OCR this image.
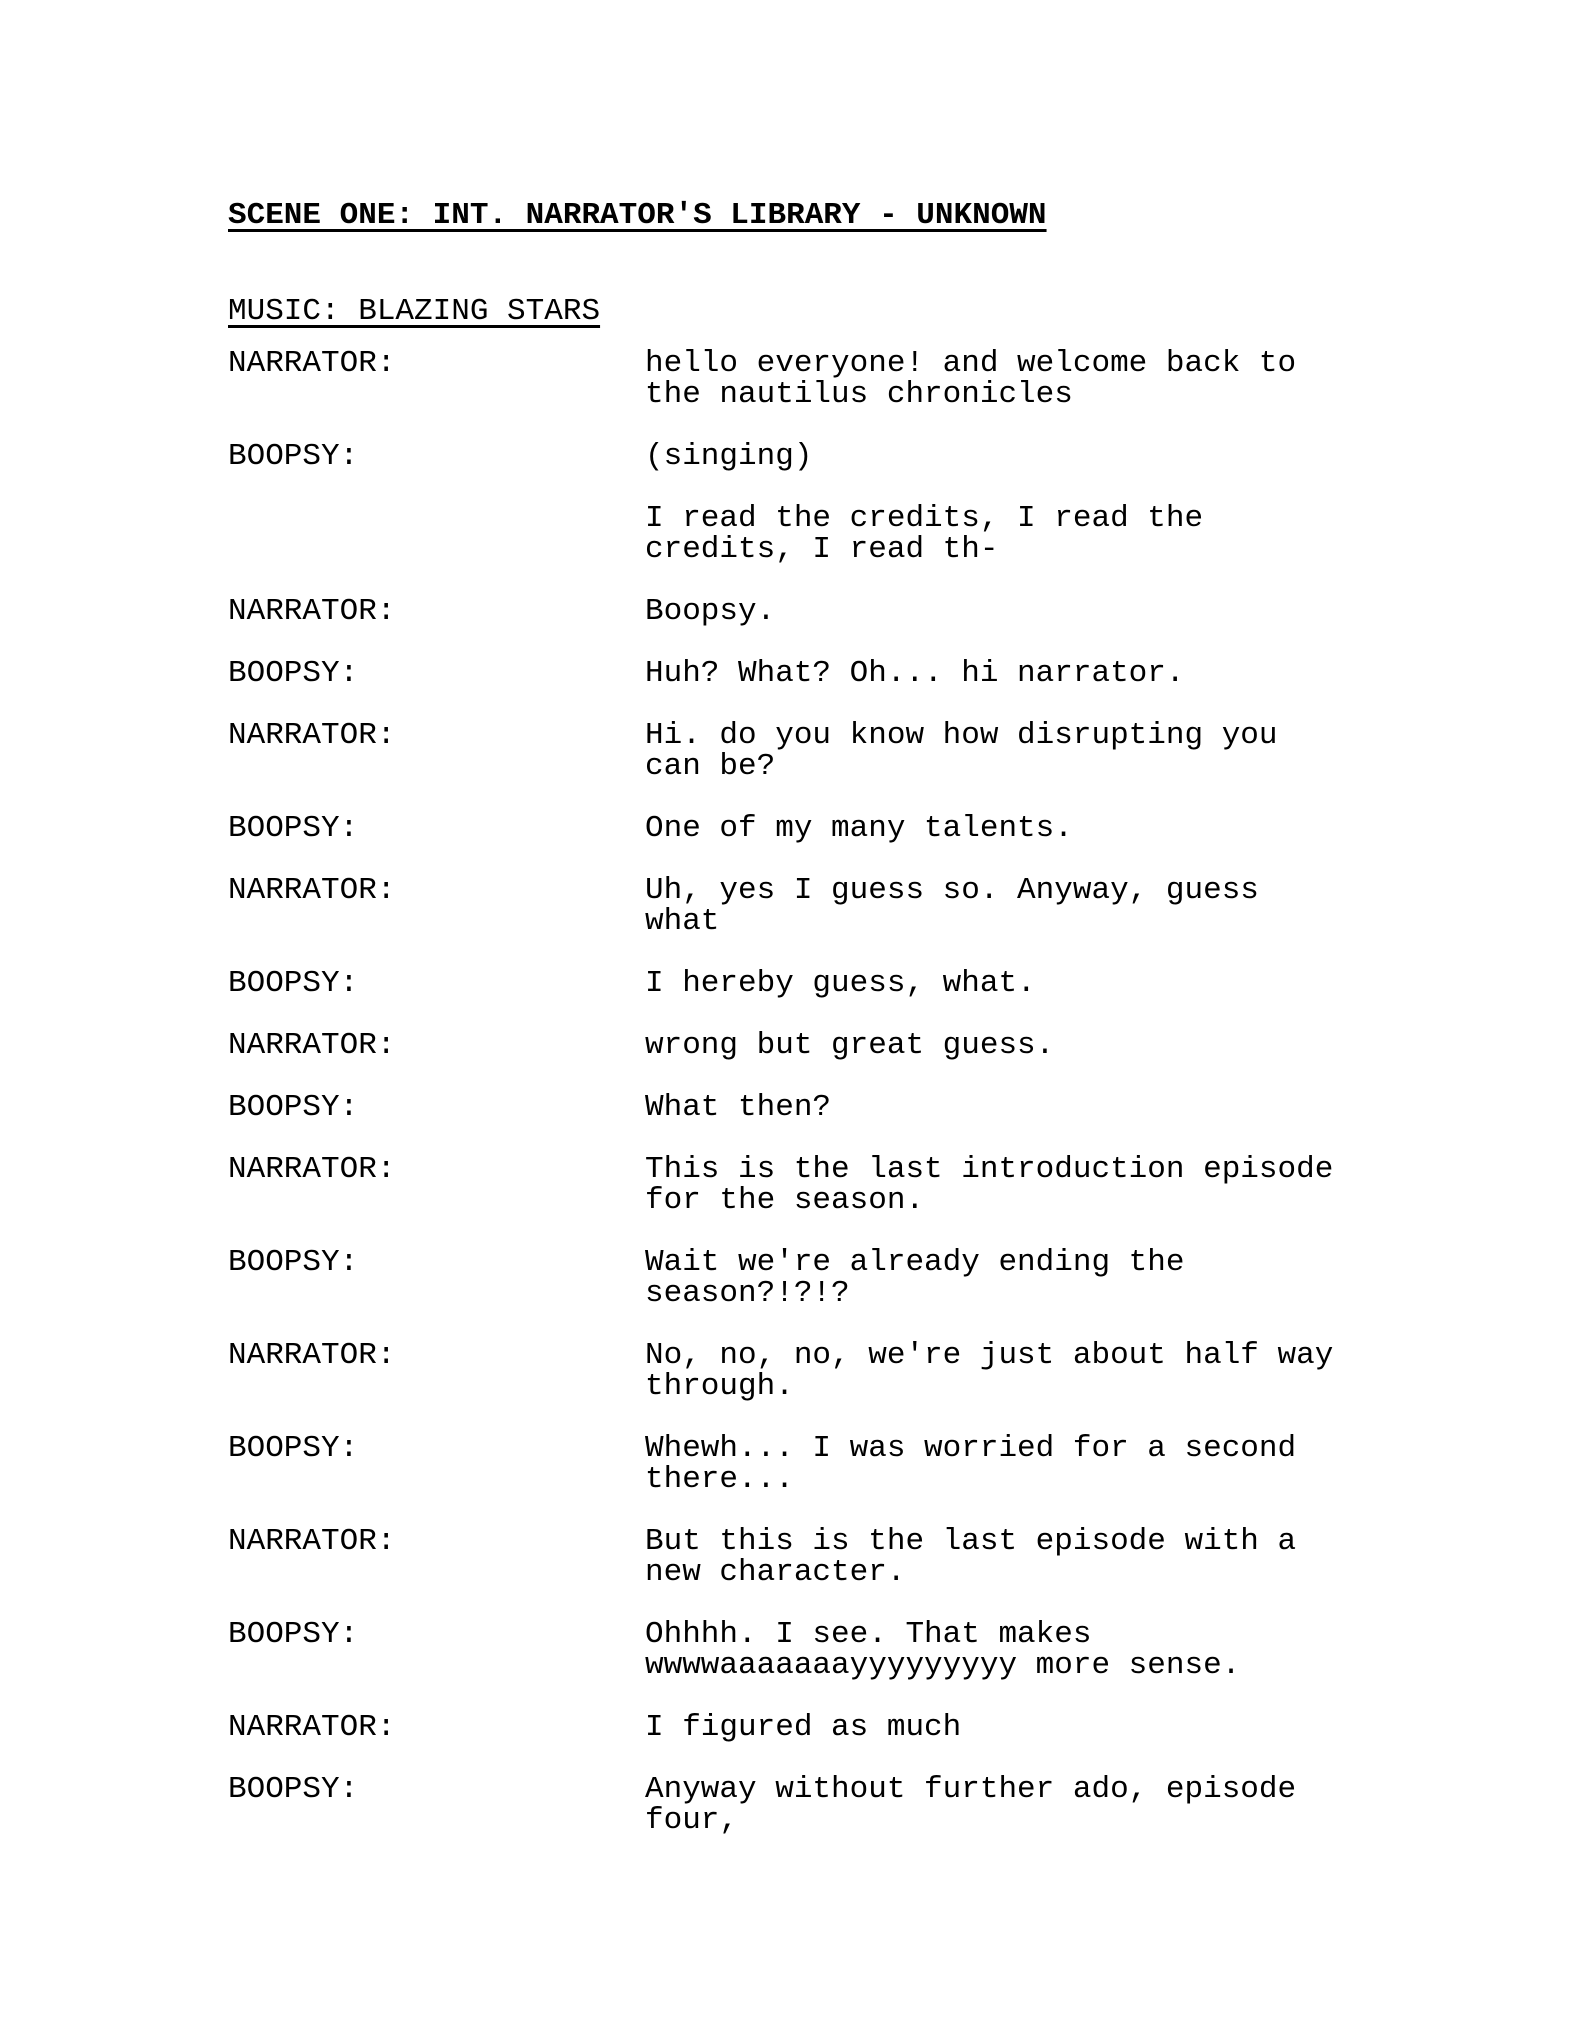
SCENE ONE: INT. NARRATOR'S LIBRARY - UNKNOWN
MUSIC: BLAZING STARS
NARRATOR:	hello everyone! and welcome back to the nautilus chronicles

BOOPSY:	(singing)

I read the credits, I read the credits, I read th-

NARRATOR:	Boopsy.

BOOPSY:	Huh? What? Oh... hi narrator.

NARRATOR:	Hi. do you know how disrupting you can be?

BOOPSY:	One of my many talents.

NARRATOR:	Uh, yes I guess so. Anyway, guess what

BOOPSY:	I hereby guess, what.

NARRATOR:	wrong but great guess.

BOOPSY:	What then?

NARRATOR:	This is the last introduction episode for the season.

BOOPSY:	Wait we're already ending the season?!?!?

NARRATOR:	No, no, no, we're just about half way through.

BOOPSY:	Whewh... I was worried for a second there...

NARRATOR:	But this is the last episode with a new character.

BOOPSY:	Ohhhh. I see. That makes wwwwaaaaaaayyyyyyyyy more sense.

NARRATOR:	I figured as much

BOOPSY:	Anyway without further ado, episode four,
